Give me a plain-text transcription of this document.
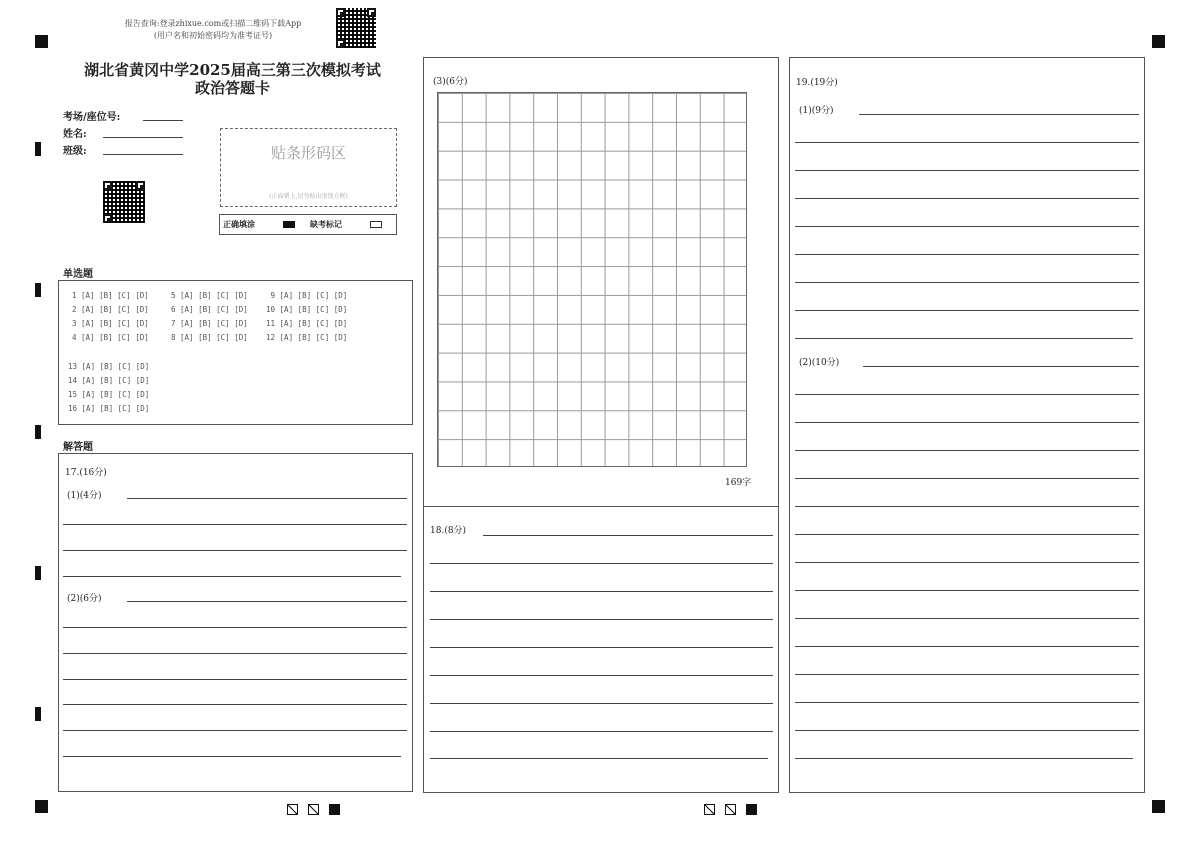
报告查询:登录zhixue.com或扫描二维码下载App
(用户名和初始密码均为准考证号)
湖北省黄冈中学2025届高三第三次模拟考试
政治答题卡
考场/座位号:
姓名:
班级:	贴条形码区
(正面朝上,切勿贴出虚线方框)
正确填涂	缺考标记
单选题
1 [A] [B] [C] [D]	5 [A] [B] [C] [D] 9 [A] [B] [C] [D]
2 [A] [B] [C] [D]	6 [A] [B] [C] [D] 10 [A] [B] [C] [D]
3 [A] [B] [C] [D]	7 [A] [B] [C] [D] 11 [A] [B] [C] [D]
4 [A] [B] [C] [D]	8 [A] [B] [C] [D] 12 [A] [B] [C] [D]
13 [A] [B] [C] [D]
14 [A] [B] [C] [D]
15 [A] [B] [C] [D]
16 [A] [B] [C] [D]
解答题
17.(16分)
(1)(4分)
(2)(6分)
(3)(6分)
169字
18.(8分)
19.(19分)
(1)(9分)
(2)(10分)
